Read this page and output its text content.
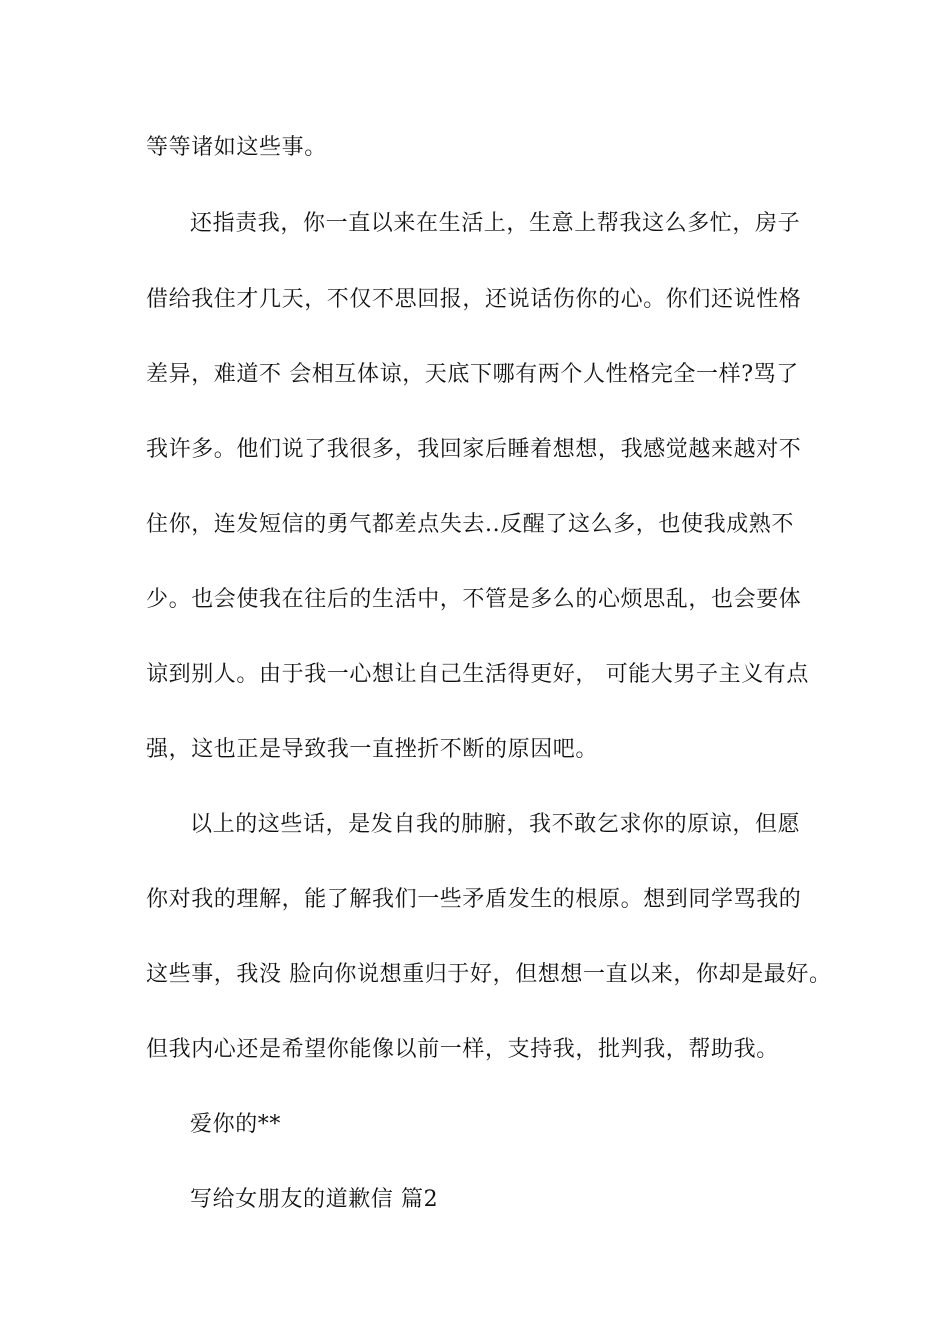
等等诸如这些事。
还指责我，你一直以来在生活上，生意上帮我这么多忙，房子
借给我住才几天，不仅不思回报，还说话伤你的心。你们还说性格
差异，难道不 会相互体谅，天底下哪有两个人性格完全一样?骂了
我许多。他们说了我很多，我回家后睡着想想，我感觉越来越对不
住你，连发短信的勇气都差点失去..反醒了这么多，也使我成熟不
少。也会使我在往后的生活中，不管是多么的心烦思乱，也会要体
谅到别人。由于我一心想让自己生活得更好， 可能大男子主义有点
强，这也正是导致我一直挫折不断的原因吧。
以上的这些话，是发自我的肺腑，我不敢乞求你的原谅，但愿
你对我的理解，能了解我们一些矛盾发生的根原。想到同学骂我的
这些事，我没 脸向你说想重归于好，但想想一直以来，你却是最好。
但我内心还是希望你能像以前一样，支持我，批判我，帮助我。
爱你的**
写给女朋友的道歉信 篇2
